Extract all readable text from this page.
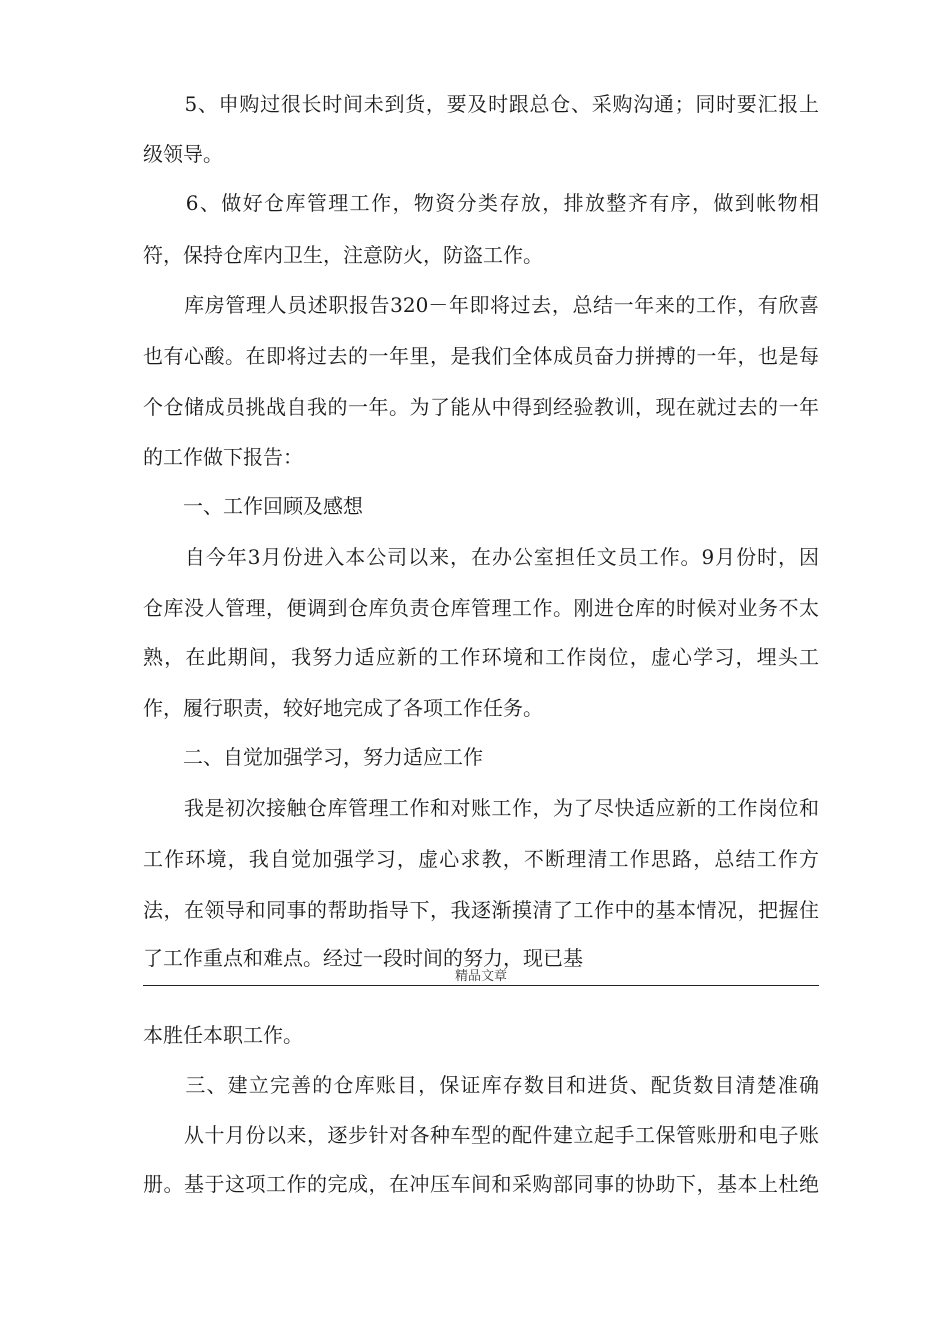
　　5、申购过很长时间未到货，要及时跟总仓、采购沟通；同时要汇报上
级领导。
　　6、做好仓库管理工作，物资分类存放，排放整齐有序，做到帐物相
符，保持仓库内卫生，注意防火，防盗工作。
　　库房管理人员述职报告320－年即将过去，总结一年来的工作，有欣喜
也有心酸。在即将过去的一年里，是我们全体成员奋力拼搏的一年，也是每
个仓储成员挑战自我的一年。为了能从中得到经验教训，现在就过去的一年
的工作做下报告：
　　一、工作回顾及感想
　　自今年3月份进入本公司以来，在办公室担任文员工作。9月份时，因
仓库没人管理，便调到仓库负责仓库管理工作。刚进仓库的时候对业务不太
熟，在此期间，我努力适应新的工作环境和工作岗位，虚心学习，埋头工
作，履行职责，较好地完成了各项工作任务。
　　二、自觉加强学习，努力适应工作
　　我是初次接触仓库管理工作和对账工作，为了尽快适应新的工作岗位和
工作环境，我自觉加强学习，虚心求教，不断理清工作思路，总结工作方
法，在领导和同事的帮助指导下，我逐渐摸清了工作中的基本情况，把握住
了工作重点和难点。经过一段时间的努力，现已基
精品文章
本胜任本职工作。
　　三、建立完善的仓库账目，保证库存数目和进货、配货数目清楚准确
　　从十月份以来，逐步针对各种车型的配件建立起手工保管账册和电子账
册。基于这项工作的完成，在冲压车间和采购部同事的协助下，基本上杜绝
